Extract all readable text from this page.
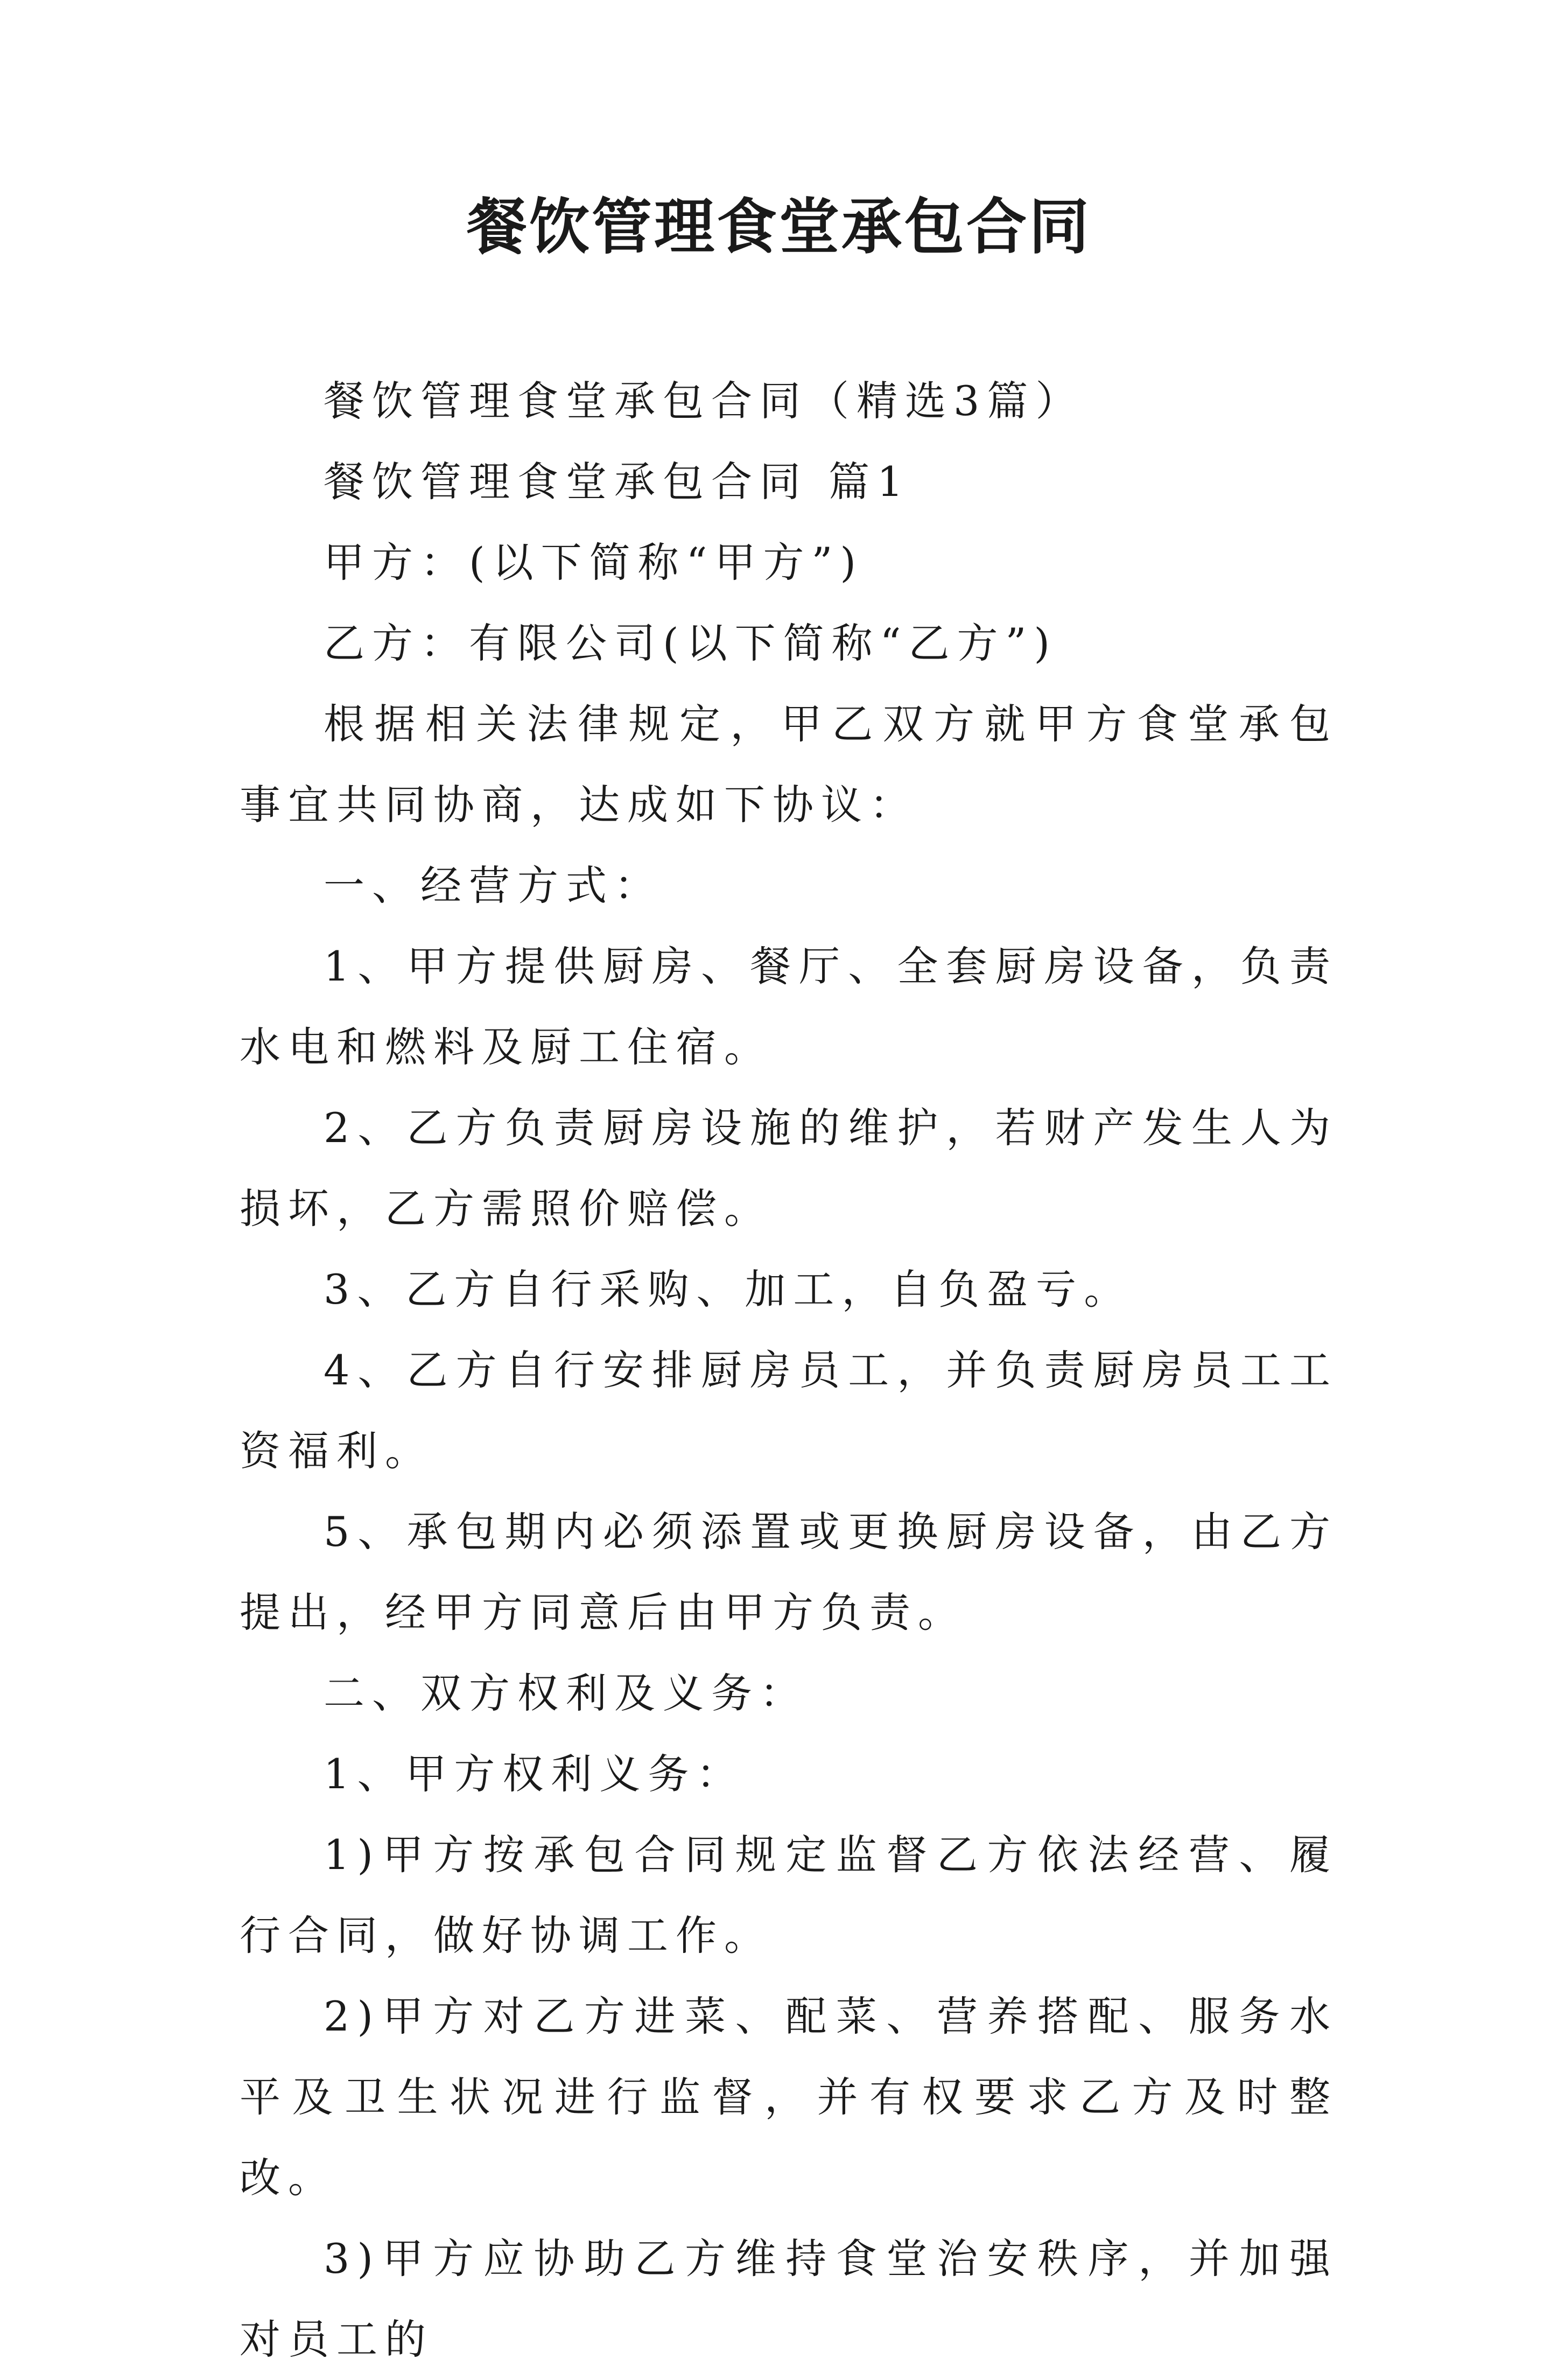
餐饮管理食堂承包合同

餐饮管理食堂承包合同（精选3篇）

餐饮管理食堂承包合同 篇1

甲方：(以下简称“甲方”)

乙方：有限公司(以下简称“乙方”)

根据相关法律规定，甲乙双方就甲方食堂承包事宜共同协商，达成如下协议：

一、经营方式：

1、甲方提供厨房、餐厅、全套厨房设备，负责水电和燃料及厨工住宿。

2、乙方负责厨房设施的维护，若财产发生人为损坏，乙方需照价赔偿。

3、乙方自行采购、加工，自负盈亏。

4、乙方自行安排厨房员工，并负责厨房员工工资福利。

5、承包期内必须添置或更换厨房设备，由乙方提出，经甲方同意后由甲方负责。

二、双方权利及义务：

1、甲方权利义务：

1)甲方按承包合同规定监督乙方依法经营、履行合同，做好协调工作。

2)甲方对乙方进菜、配菜、营养搭配、服务水平及卫生状况进行监督，并有权要求乙方及时整改。

3)甲方应协助乙方维持食堂治安秩序，并加强对员工的
